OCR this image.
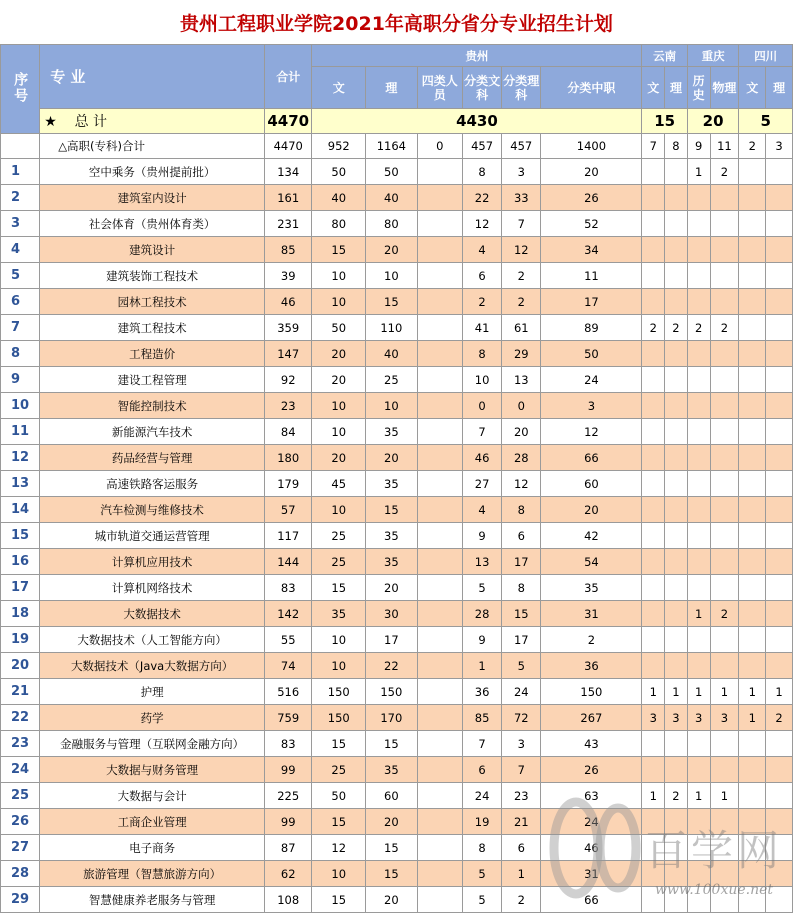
贵州工程职业学院2021年高职分省分专业招生计划
序号	专 业	合计	贵州						云南		重庆		四川	
			文	理	四类人员	分类文科	分类理科	分类中职	文	理	历史	物理	文	理
	★ 总 计	4470	4430						15		20		5	
	△高职(专科)合计	4470	952	1164	0	457	457	1400	7	8	9	11	2	3
1	空中乘务（贵州提前批）	134	50	50		8	3	20			1	2		
2	建筑室内设计	161	40	40		22	33	26						
3	社会体育（贵州体育类）	231	80	80		12	7	52						
4	建筑设计	85	15	20		4	12	34						
5	建筑装饰工程技术	39	10	10		6	2	11						
6	园林工程技术	46	10	15		2	2	17						
7	建筑工程技术	359	50	110		41	61	89	2	2	2	2		
8	工程造价	147	20	40		8	29	50						
9	建设工程管理	92	20	25		10	13	24						
10	智能控制技术	23	10	10		0	0	3						
11	新能源汽车技术	84	10	35		7	20	12						
12	药品经营与管理	180	20	20		46	28	66						
13	高速铁路客运服务	179	45	35		27	12	60						
14	汽车检测与维修技术	57	10	15		4	8	20						
15	城市轨道交通运营管理	117	25	35		9	6	42						
16	计算机应用技术	144	25	35		13	17	54						
17	计算机网络技术	83	15	20		5	8	35						
18	大数据技术	142	35	30		28	15	31			1	2		
19	大数据技术（人工智能方向）	55	10	17		9	17	2						
20	大数据技术（Java大数据方向）	74	10	22		1	5	36						
21	护理	516	150	150		36	24	150	1	1	1	1	1	1
22	药学	759	150	170		85	72	267	3	3	3	3	1	2
23	金融服务与管理（互联网金融方向）	83	15	15		7	3	43						
24	大数据与财务管理	99	25	35		6	7	26						
25	大数据与会计	225	50	60		24	23	63	1	2	1	1		
26	工商企业管理	99	15	20		19	21	24						
27	电子商务	87	12	15		8	6	46						
28	旅游管理（智慧旅游方向）	62	10	15		5	1	31						
29	智慧健康养老服务与管理	108	15	20		5	2	66						
百学网
www.100xue.net
